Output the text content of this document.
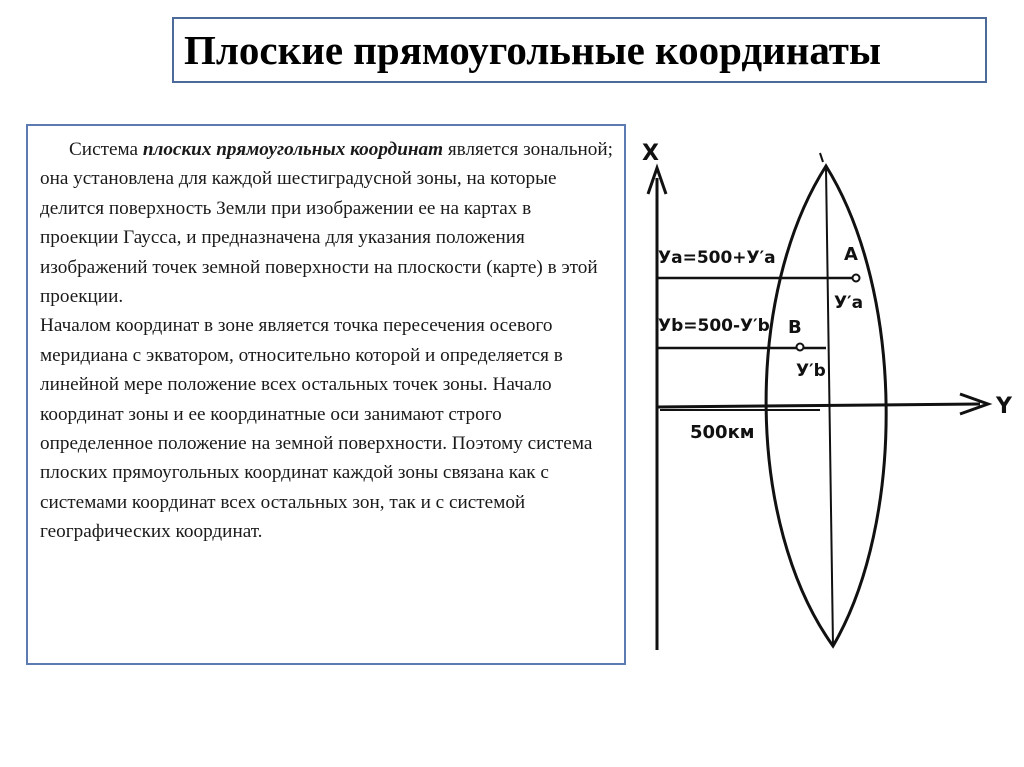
Плоские прямоугольные координаты

Система плоских прямоугольных координат является зональной; она установлена для каждой шестиградусной зоны, на которые делится поверхность Земли при изображении ее на картах в проекции Гаусса, и предназначена для указания положения изображений точек земной поверхности на плоскости (карте) в этой проекции.

Началом координат в зоне является точка пересечения осевого меридиана с экватором, относительно которой и определяется в линейной мере положение всех остальных точек зоны. Начало координат зоны и ее координатные оси занимают строго определенное положение на земной поверхности. Поэтому система плоских прямоугольных координат каждой зоны связана как с системами координат всех остальных зон, так и с системой географических координат.

X
Y
A
Уa=500+У′a
У′a
B
Уb=500-У′b
У′b
500км
